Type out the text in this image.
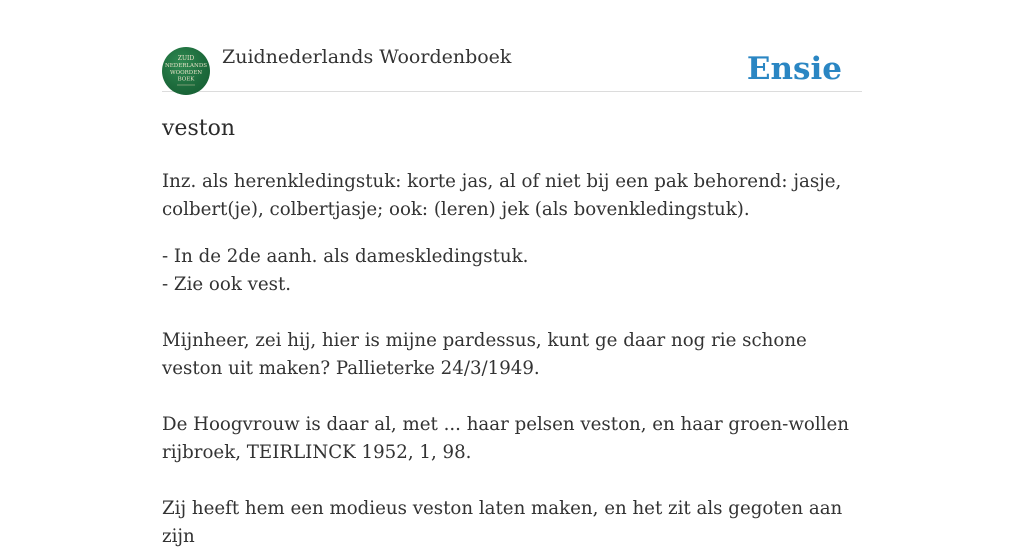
ZUID
NEDERLANDS
WOORDEN
BOEK
Zuidnederlands Woordenboek	Ensie
veston

Inz. als herenkledingstuk: korte jas, al of niet bij een pak behorend: jasje, colbert(je), colbertjasje; ook: (leren) jek (als bovenkledingstuk).

- In de 2de aanh. als dameskledingstuk.

- Zie ook vest.

Mijnheer, zei hij, hier is mijne pardessus, kunt ge daar nog rie schone veston uit maken? Pallieterke 24/3/1949.

De Hoogvrouw is daar al, met ... haar pelsen veston, en haar groen-wollen rijbroek, TEIRLINCK 1952, 1, 98.

Zij heeft hem een modieus veston laten maken, en het zit als gegoten aan zijn
